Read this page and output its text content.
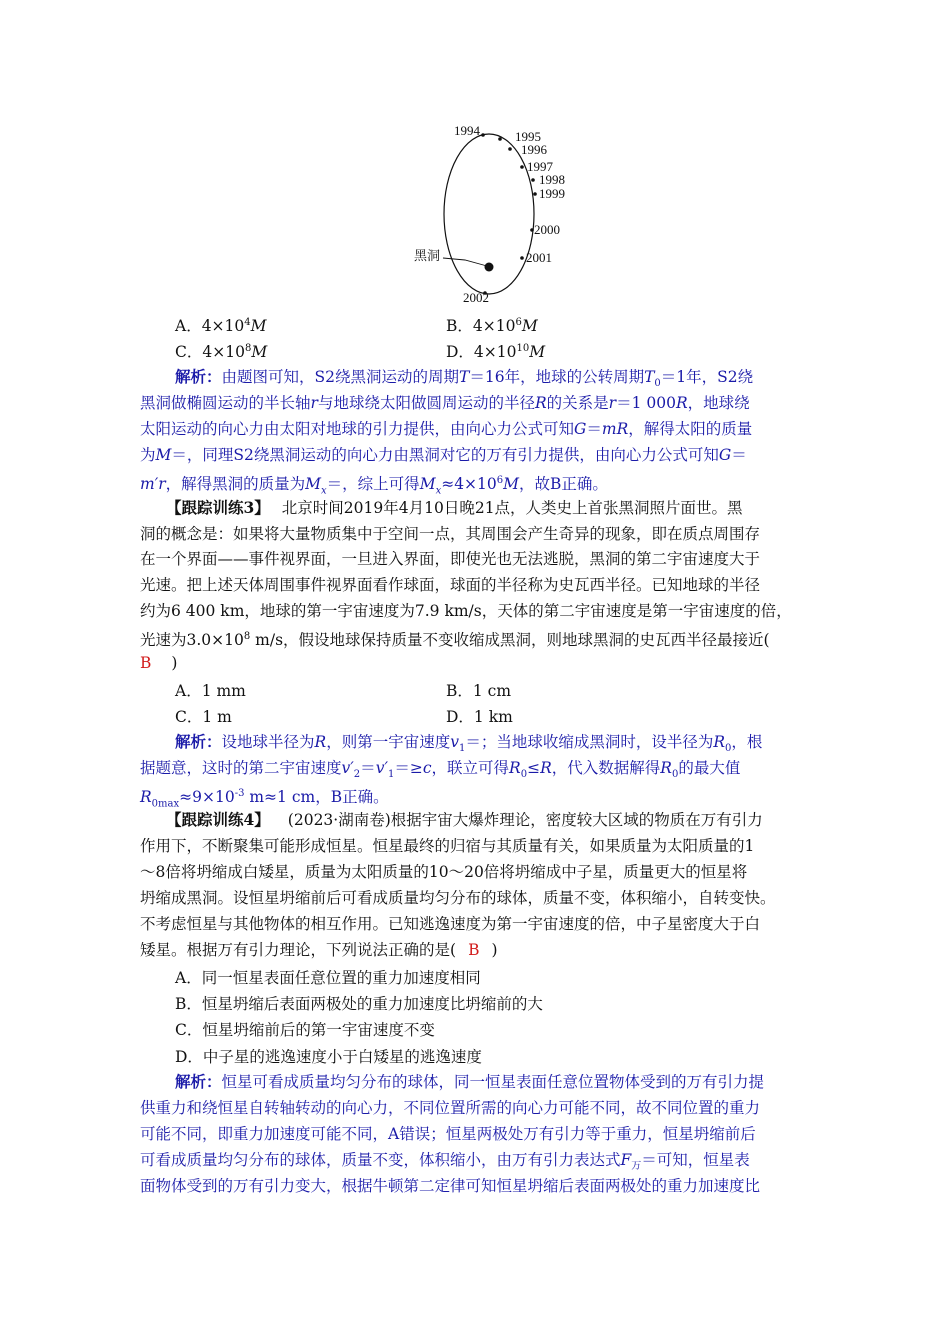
1994	1995
1996
1997
1998
1999
2000
2001
2002
黑洞
A．$4\times 10^4M$	B．$4\times 10^6M$
C．$4\times 10^8M$	D．$4\times 10^{10}M$
解析：由题图可知，S2绕黑洞运动的周期T＝16年，地球的公转周期$T_0=1$年，S2绕
黑洞做椭圆运动的半长轴r与地球绕太阳做圆周运动的半径R的关系是r＝1 000R，地球绕
太阳运动的向心力由太阳对地球的引力提供，由向心力公式可知G＝mR，解得太阳的质量
为M＝，同理S2绕黑洞运动的向心力由黑洞对它的万有引力提供，由向心力公式可知G＝
m′r，解得黑洞的质量为$M_x=$，综上可得$M_x\approx 4\times 10^6M$，故B正确。
【跟踪训练3】 北京时间2019年4月10日晚21点，人类史上首张黑洞照片面世。黑
洞的概念是：如果将大量物质集中于空间一点，其周围会产生奇异的现象，即在质点周围存
在一个界面——事件视界面，一旦进入界面，即使光也无法逃脱，黑洞的第二宇宙速度大于
光速。把上述天体周围事件视界面看作球面，球面的半径称为史瓦西半径。已知地球的半径
约为6 400 km，地球的第一宇宙速度为7.9 km/s，天体的第二宇宙速度是第一宇宙速度的倍，
光速为$3.0\times 10^8$ m/s，假设地球保持质量不变收缩成黑洞，则地球黑洞的史瓦西半径最接近(
B )
A．1 mm	B．1 cm
C．1 m	D．1 km
解析：设地球半径为R，则第一宇宙速度$v_1=$；当地球收缩成黑洞时，设半径为$R_0$，根
据题意，这时的第二宇宙速度$v'_2=v'_1=\ge c$，联立可得$R_0\le R$，代入数据解得$R_0$的最大值
$R_{0max}\approx 9\times 10^{-3}$ m≈1 cm，B正确。
【跟踪训练4】 (2023·湖南卷)根据宇宙大爆炸理论，密度较大区域的物质在万有引力
作用下，不断聚集可能形成恒星。恒星最终的归宿与其质量有关，如果质量为太阳质量的1
～8倍将坍缩成白矮星，质量为太阳质量的10～20倍将坍缩成中子星，质量更大的恒星将
坍缩成黑洞。设恒星坍缩前后可看成质量均匀分布的球体，质量不变，体积缩小，自转变快。
不考虑恒星与其他物体的相互作用。已知逃逸速度为第一宇宙速度的倍，中子星密度大于白
矮星。根据万有引力理论，下列说法正确的是( B )
A．同一恒星表面任意位置的重力加速度相同
B．恒星坍缩后表面两极处的重力加速度比坍缩前的大
C．恒星坍缩前后的第一宇宙速度不变
D．中子星的逃逸速度小于白矮星的逃逸速度
解析：恒星可看成质量均匀分布的球体，同一恒星表面任意位置物体受到的万有引力提
供重力和绕恒星自转轴转动的向心力，不同位置所需的向心力可能不同，故不同位置的重力
可能不同，即重力加速度可能不同，A错误；恒星两极处万有引力等于重力，恒星坍缩前后
可看成质量均匀分布的球体，质量不变，体积缩小，由万有引力表达式$F_万=$可知，恒星表
面物体受到的万有引力变大，根据牛顿第二定律可知恒星坍缩后表面两极处的重力加速度比
